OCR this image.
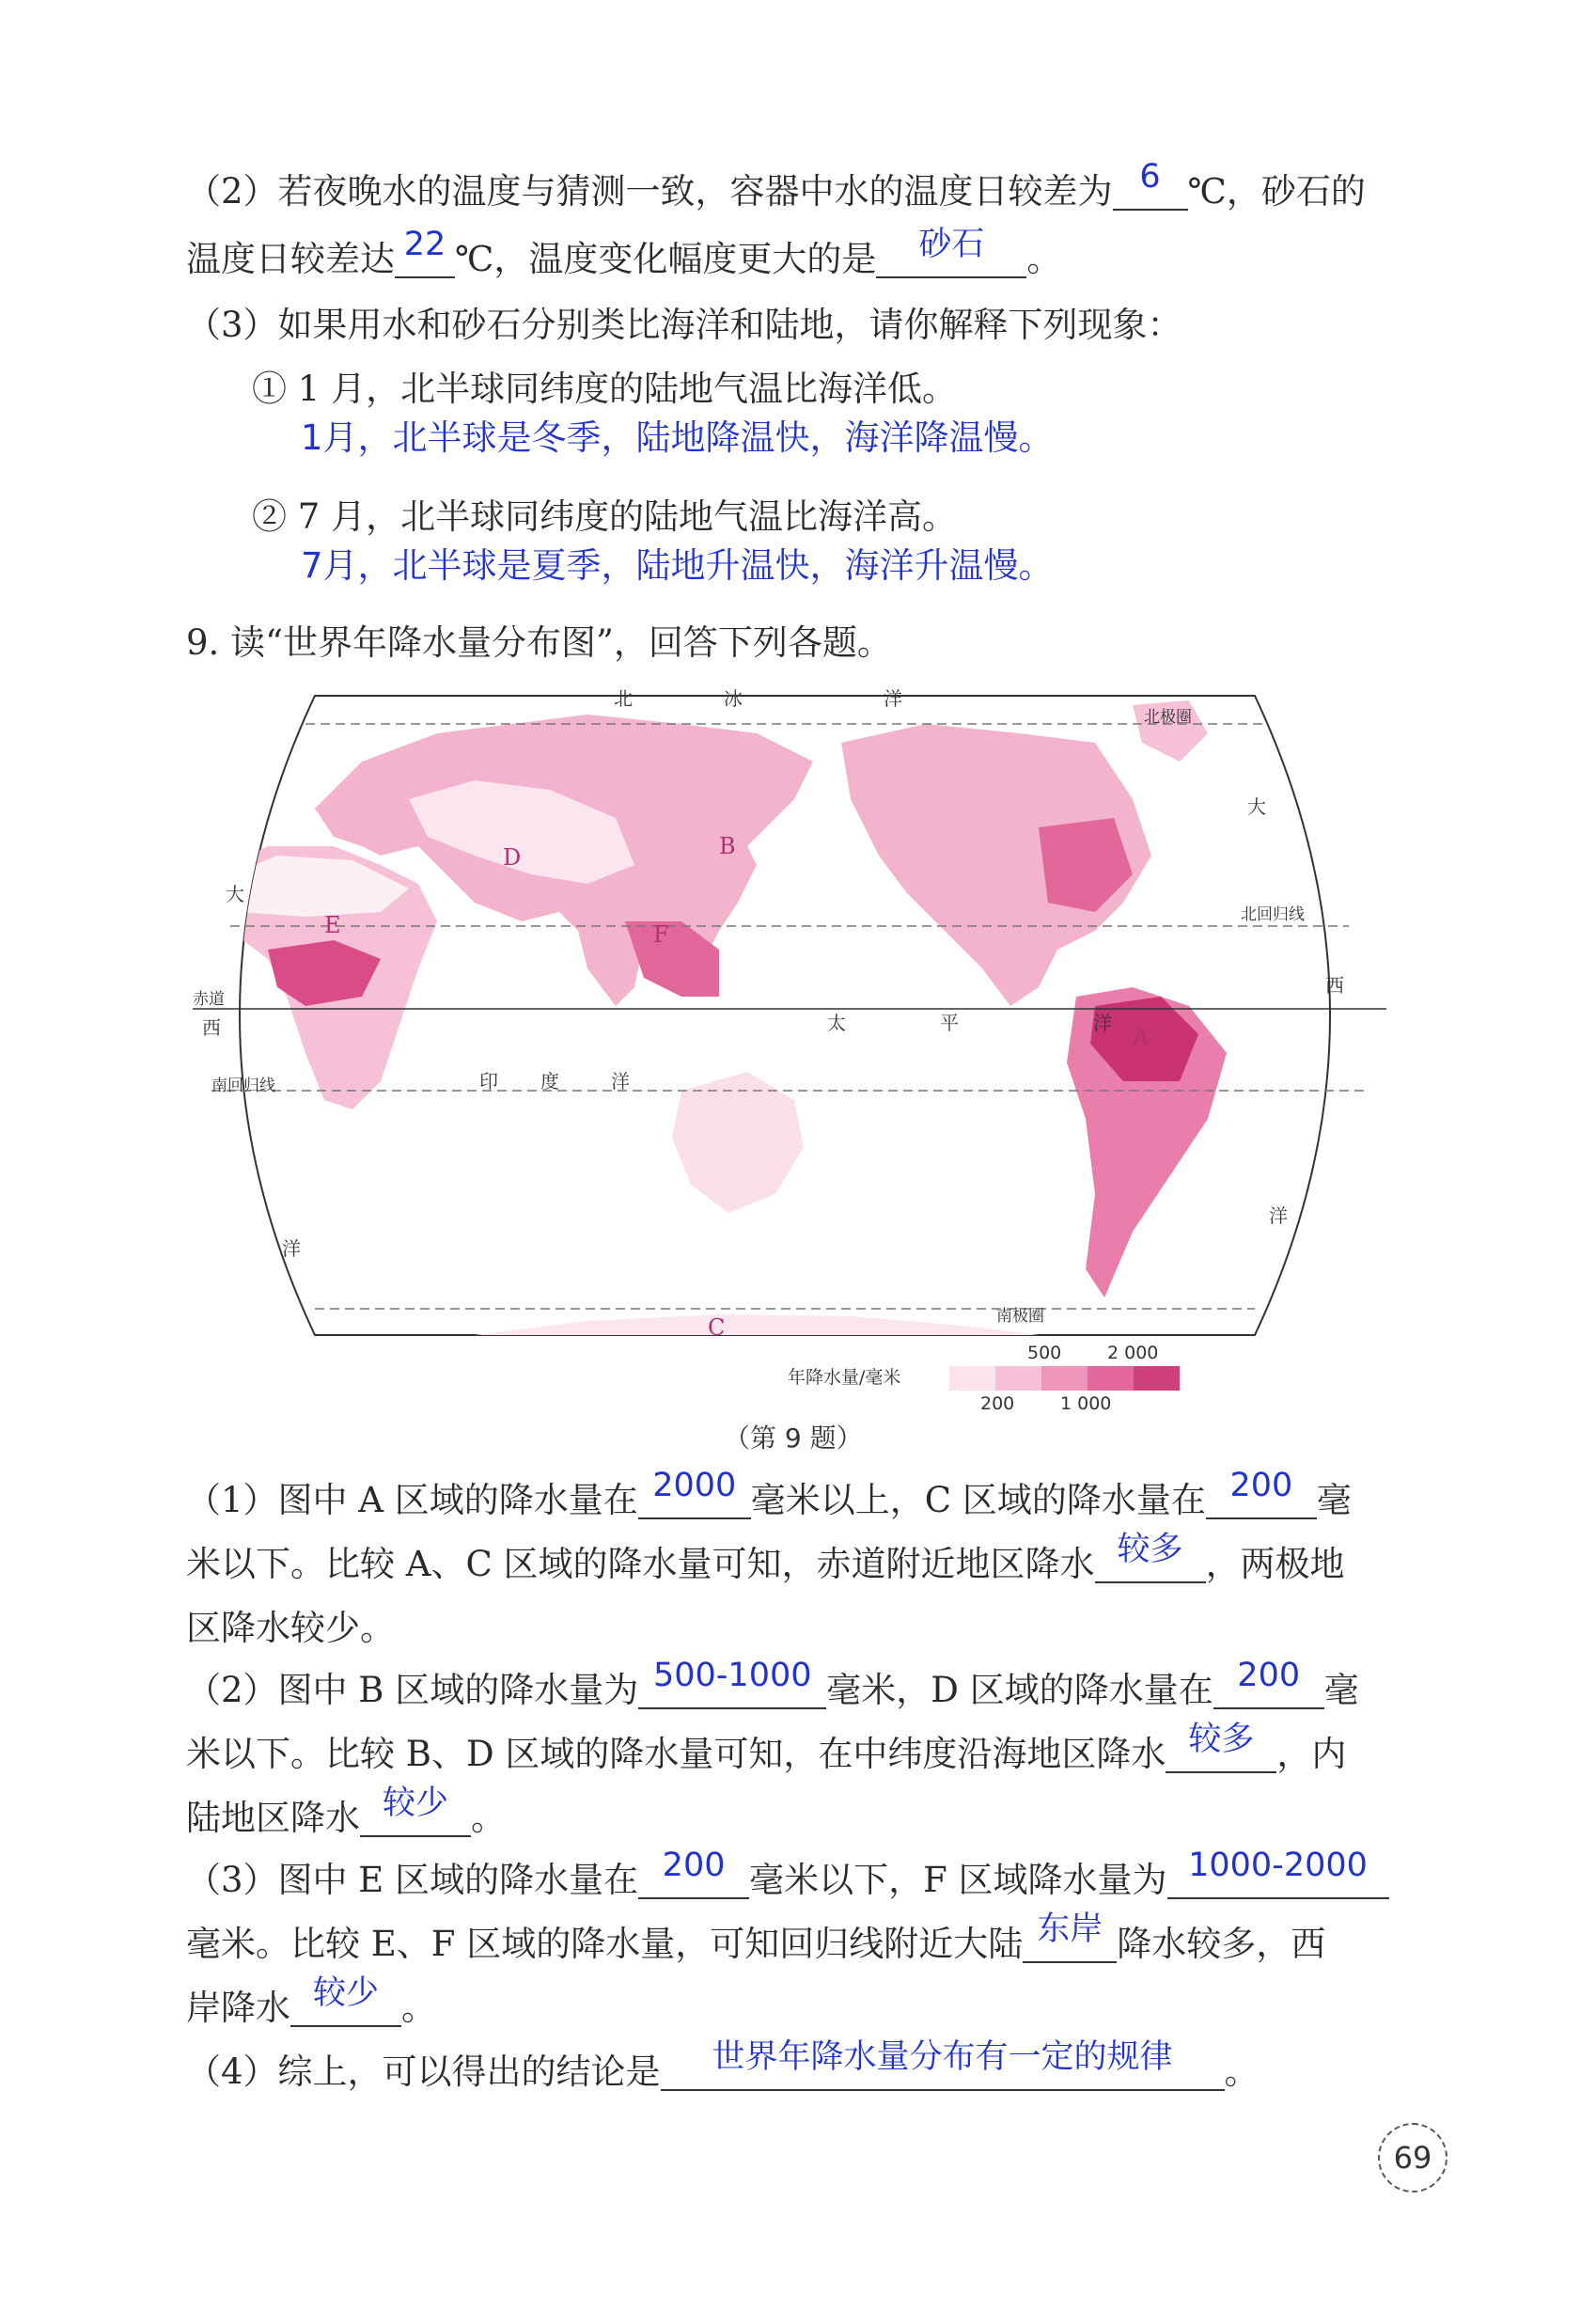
（2）若夜晚水的温度与猜测一致，容器中水的温度日较差为 6 ℃，砂石的
温度日较差达 22 ℃，温度变化幅度更大的是	砂石	。
（3）如果用水和砂石分别类比海洋和陆地，请你解释下列现象：
① 1 月，北半球同纬度的陆地气温比海洋低。
1月，北半球是冬季，陆地降温快，海洋降温慢。
② 7 月，北半球同纬度的陆地气温比海洋高。
7月，北半球是夏季，陆地升温快，海洋升温慢。
9. 读“世界年降水量分布图”，回答下列各题。
北	冰	洋
北极圈
大
北回归线
西
大
赤道
西	太	平	洋
印 度	洋
南回归线
洋
洋
南极圈
A
B
C
D
E	F
年降水量/毫米
500	2 000
200	1 000
（第 9 题）
（1）图中 A 区域的降水量在 2000 毫米以上，C 区域的降水量在 200 毫
米以下。比较 A、C 区域的降水量可知，赤道附近地区降水 较多 ，两极地
区降水较少。
（2）图中 B 区域的降水量为 500-1000 毫米，D 区域的降水量在 200 毫
米以下。比较 B、D 区域的降水量可知，在中纬度沿海地区降水 较多 ，内
陆地区降水 较少 。
（3）图中 E 区域的降水量在 200 毫米以下，F 区域降水量为 1000-2000
毫米。比较 E、F 区域的降水量，可知回归线附近大陆 东岸 降水较多，西
岸降水 较少 。
（4）综上，可以得出的结论是	世界年降水量分布有一定的规律	。
69
